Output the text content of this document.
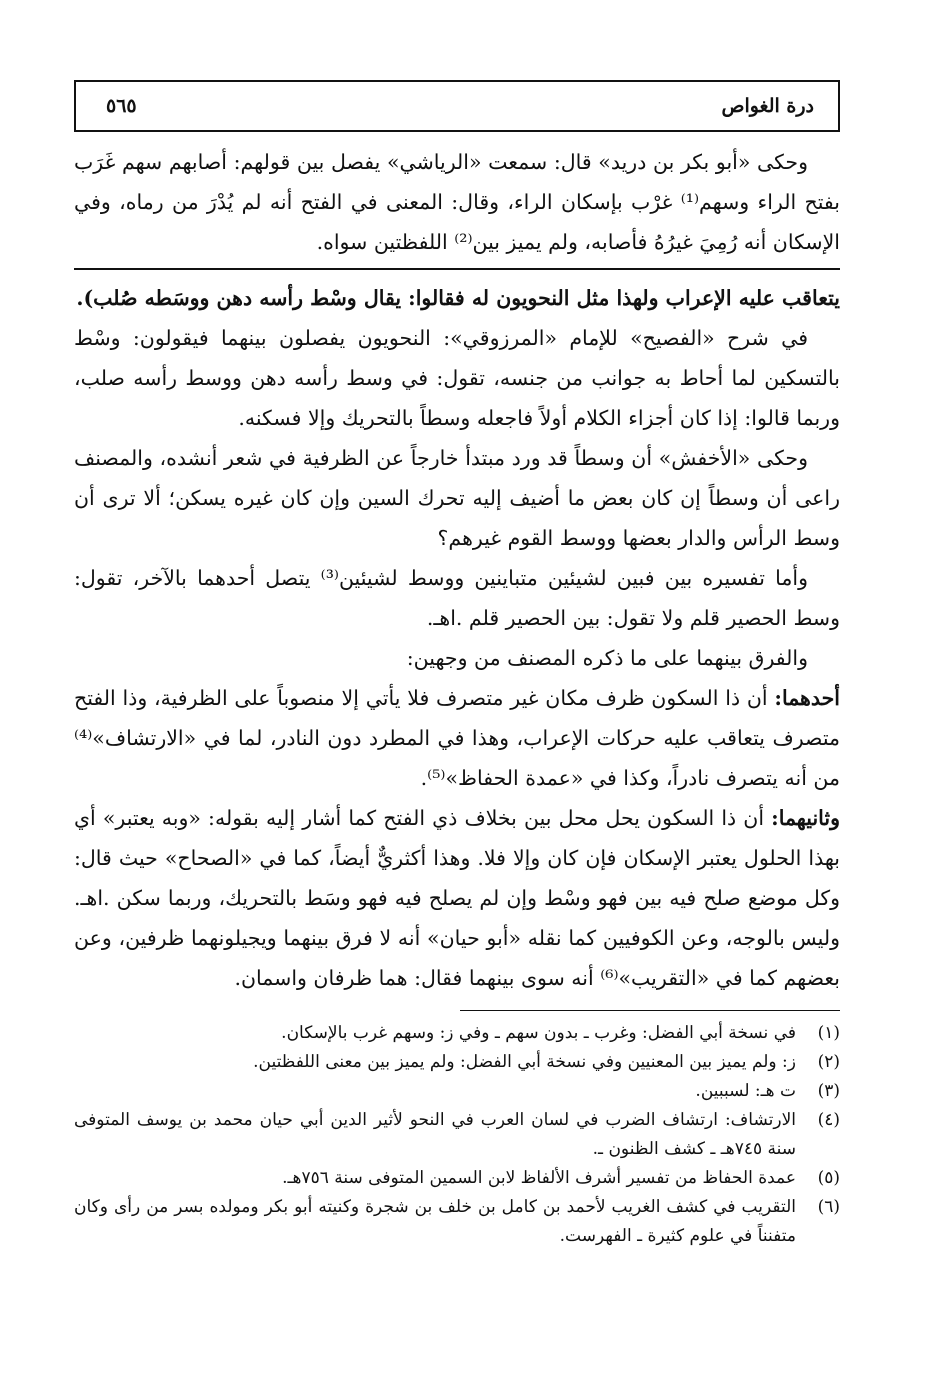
درة الغواص
٥٦٥

وحكى «أبو بكر بن دريد» قال: سمعت «الرياشي» يفصل بين قولهم: أصابهم سهم غَرَب بفتح الراء وسهم⁽¹⁾ غرْب بإسكان الراء، وقال: المعنى في الفتح أنه لم يُدْرَ من رماه، وفي الإسكان أنه رُمِيَ غيرُهُ فأصابه، ولم يميز بين⁽²⁾ اللفظتين سواه.

يتعاقب عليه الإعراب ولهذا مثل النحويون له فقالوا: يقال وسْط رأسه دهن ووسَطه صُلب).

في شرح «الفصيح» للإمام «المرزوقي»: النحويون يفصلون بينهما فيقولون: وسْط بالتسكين لما أحاط به جوانب من جنسه، تقول: في وسط رأسه دهن ووسط رأسه صلب، وربما قالوا: إذا كان أجزاء الكلام أولاً فاجعله وسطاً بالتحريك وإلا فسكنه.

وحكى «الأخفش» أن وسطاً قد ورد مبتدأ خارجاً عن الظرفية في شعر أنشده، والمصنف راعى أن وسطاً إن كان بعض ما أضيف إليه تحرك السين وإن كان غيره يسكن؛ ألا ترى أن وسط الرأس والدار بعضها ووسط القوم غيرهم؟

وأما تفسيره بين فبين لشيئين متباينين ووسط لشيئين⁽³⁾ يتصل أحدهما بالآخر، تقول: وسط الحصير قلم ولا تقول: بين الحصير قلم .اهـ.

والفرق بينهما على ما ذكره المصنف من وجهين:

أحدهما: أن ذا السكون ظرف مكان غير متصرف فلا يأتي إلا منصوباً على الظرفية، وذا الفتح متصرف يتعاقب عليه حركات الإعراب، وهذا في المطرد دون النادر، لما في «الارتشاف»⁽⁴⁾ من أنه يتصرف نادراً، وكذا في «عمدة الحفاظ»⁽⁵⁾.

وثانيهما: أن ذا السكون يحل محل بين بخلاف ذي الفتح كما أشار إليه بقوله: «وبه يعتبر» أي بهذا الحلول يعتبر الإسكان فإن كان وإلا فلا. وهذا أكثريٌّ أيضاً، كما في «الصحاح» حيث قال: وكل موضع صلح فيه بين فهو وسْط وإن لم يصلح فيه فهو وسَط بالتحريك، وربما سكن .اهـ. وليس بالوجه، وعن الكوفيين كما نقله «أبو حيان» أنه لا فرق بينهما ويجيلونهما ظرفين، وعن بعضهم كما في «التقريب»⁽⁶⁾ أنه سوى بينهما فقال: هما ظرفان واسمان.

(١)
في نسخة أبي الفضل: وغرب ـ بدون سهم ـ وفي ز: وسهم غرب بالإسكان.
(٢)
ز: ولم يميز بين المعنيين وفي نسخة أبي الفضل: ولم يميز بين معنى اللفظتين.
(٣)
ت هـ: لسببين.
(٤)
الارتشاف: ارتشاف الضرب في لسان العرب في النحو لأثير الدين أبي حيان محمد بن يوسف المتوفى سنة ٧٤٥هـ ـ كشف الظنون ـ.
(٥)
عمدة الحفاظ من تفسير أشرف الألفاظ لابن السمين المتوفى سنة ٧٥٦هـ.
(٦)
التقريب في كشف الغريب لأحمد بن كامل بن خلف بن شجرة وكنيته أبو بكر ومولده بسر من رأى وكان متفنناً في علوم كثيرة ـ الفهرست.
